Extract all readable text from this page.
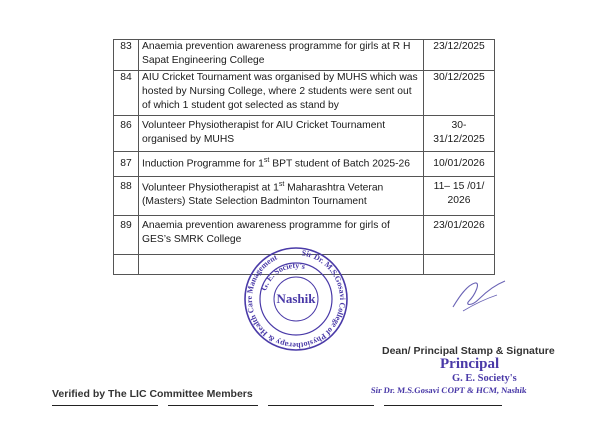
83	Anaemia prevention awareness programme for girls at R H
Sapat Engineering College	23/12/2025
84	AIU Cricket Tournament was organised by MUHS which was
hosted by Nursing College, where 2 students were sent out
of which 1 student got selected as stand by	30/12/2025
86	Volunteer Physiotherapist for AIU Cricket Tournament
organised by MUHS	30- 31/12/2025
87	Induction Programme for 1st BPT student of Batch 2025-26	10/01/2026
88	Volunteer Physiotherapist at 1st Maharashtra Veteran
(Masters) State Selection Badminton Tournament	11– 15 /01/ 2026
89	Anaemia prevention awareness programme for girls of
GES’s SMRK College	23/01/2026

Sir Dr. M.S.Gosavi College of Physiotherapy & Health Care Management
G. E. Society's
Nashik
Verified by The LIC Committee Members
Dean/ Principal Stamp & Signature
Principal
G. E. Society's
Sir Dr. M.S.Gosavi COPT & HCM, Nashik
